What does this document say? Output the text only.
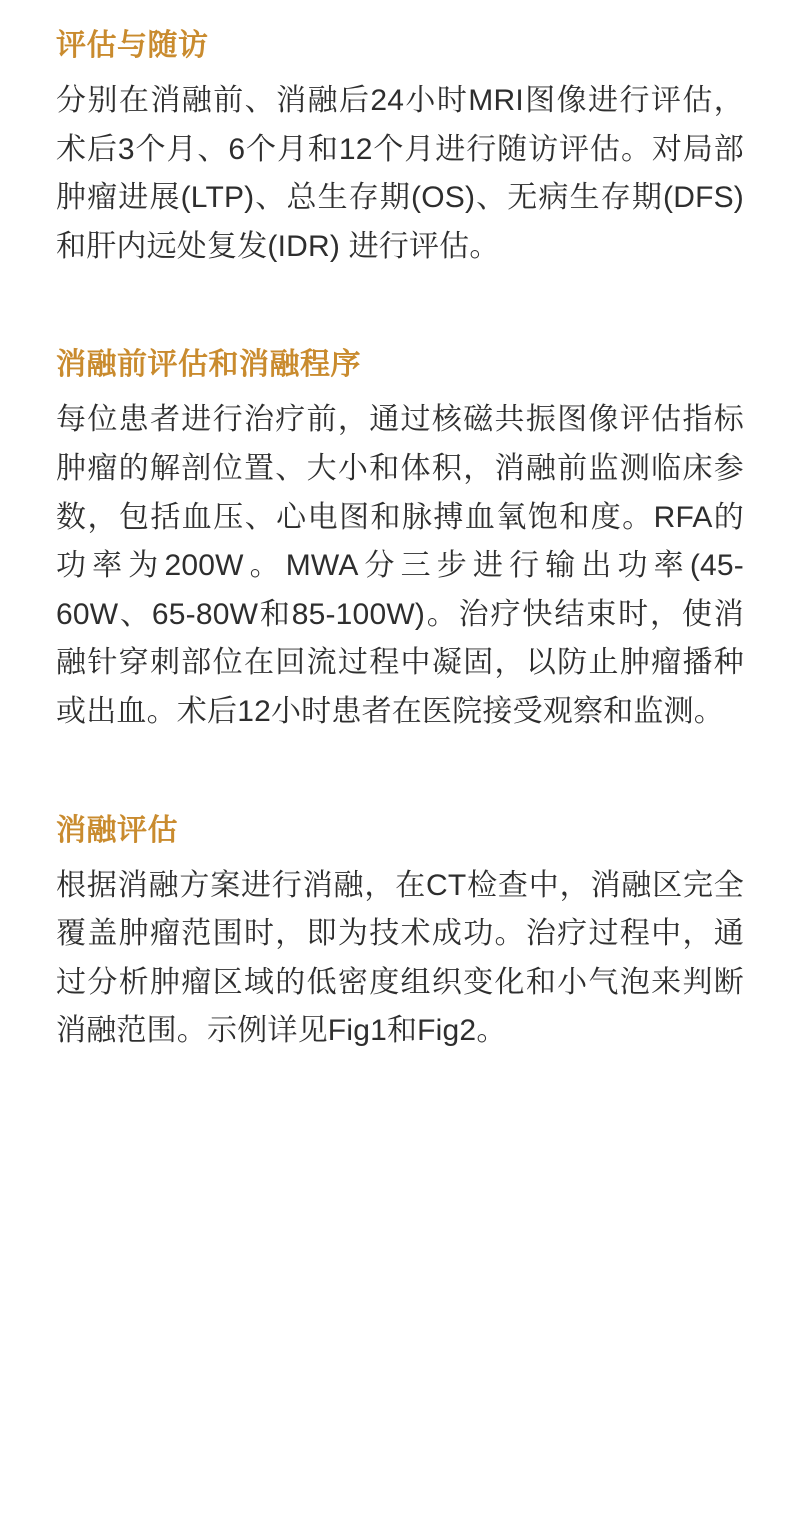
评估与随访

分别在消融前、消融后24小时MRI图像进行评估，术后3个月、6个月和12个月进行随访评估。对局部肿瘤进展(LTP)、总生存期(OS)、无病生存期(DFS)和肝内远处复发(IDR) 进行评估。

消融前评估和消融程序

每位患者进行治疗前，通过核磁共振图像评估指标肿瘤的解剖位置、大小和体积，消融前监测临床参数，包括血压、心电图和脉搏血氧饱和度。RFA的功率为200W。MWA分三步进行输出功率(45-60W、65-80W和85-100W)。治疗快结束时，使消融针穿刺部位在回流过程中凝固，以防止肿瘤播种或出血。术后12小时患者在医院接受观察和监测。

消融评估

根据消融方案进行消融，在CT检查中，消融区完全覆盖肿瘤范围时，即为技术成功。治疗过程中，通过分析肿瘤区域的低密度组织变化和小气泡来判断消融范围。示例详见Fig1和Fig2。
